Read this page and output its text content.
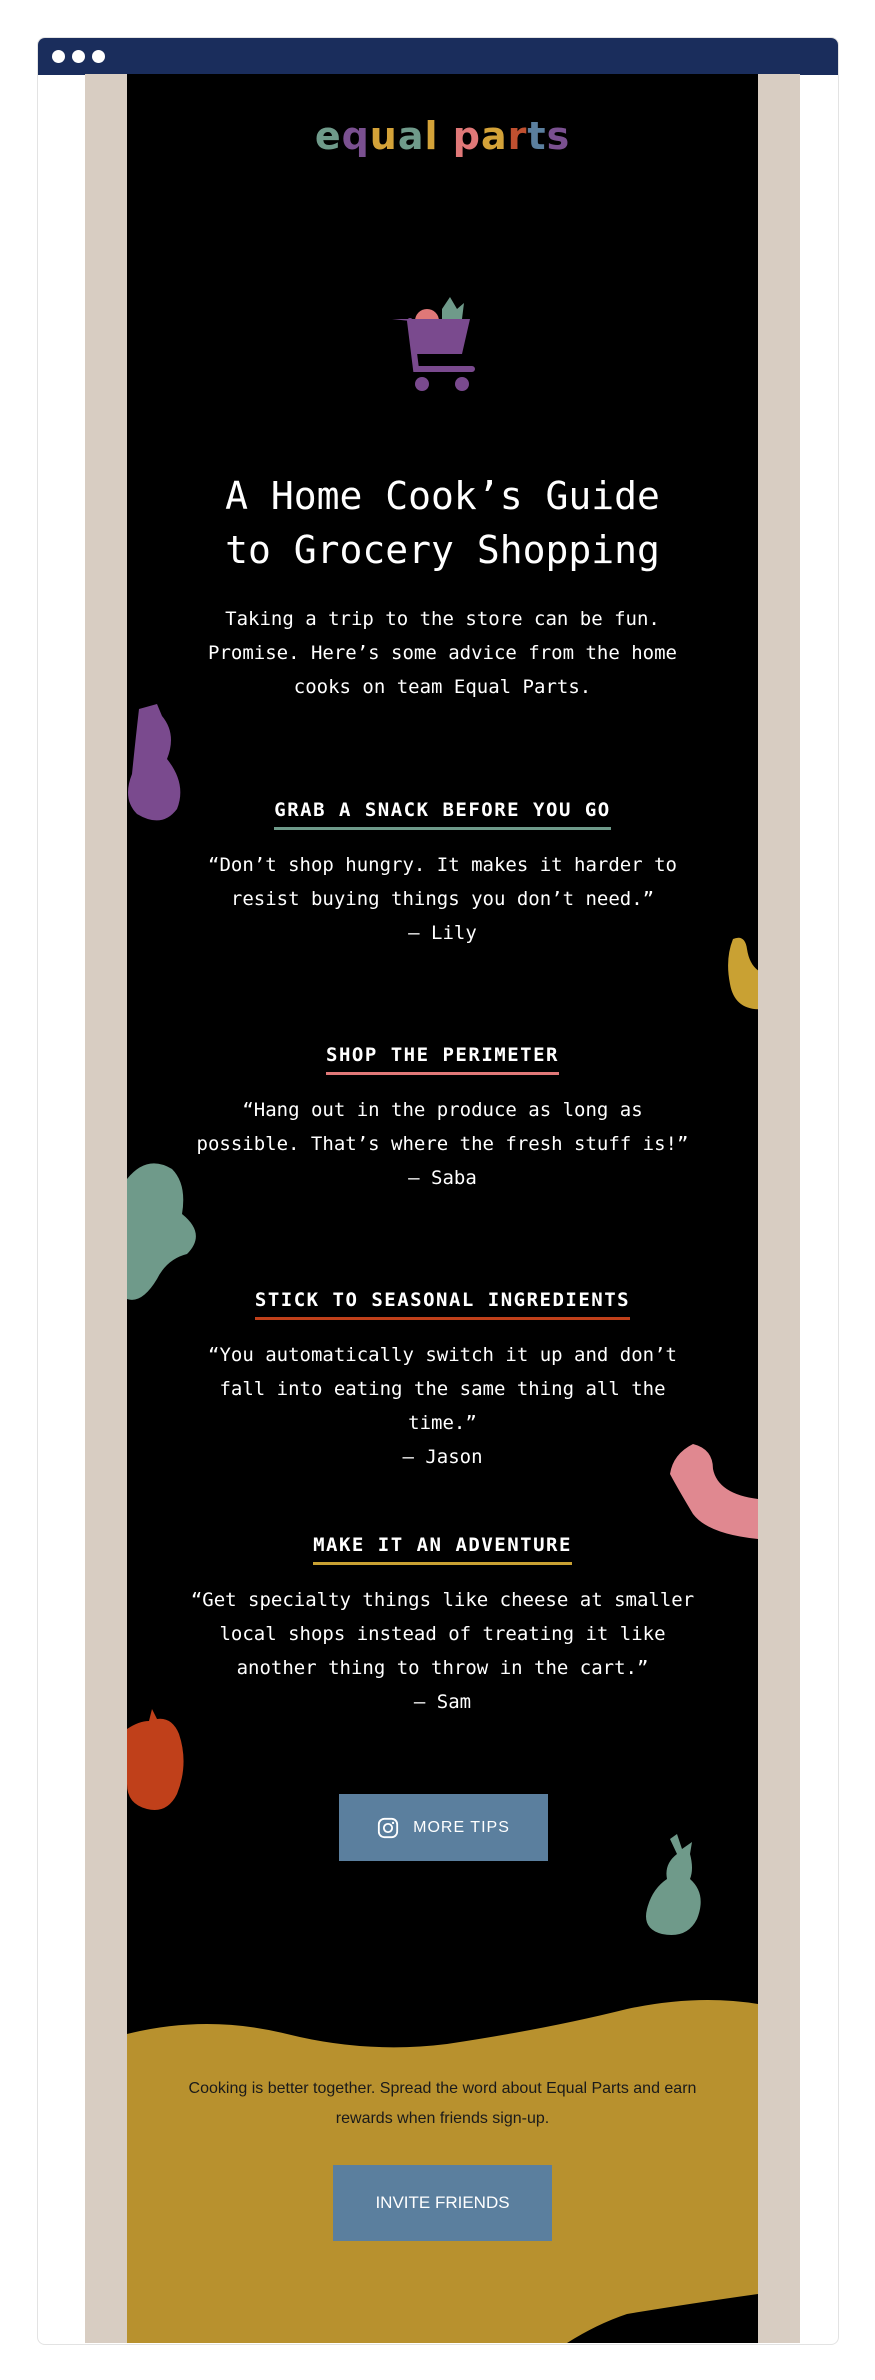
equal parts
A Home Cook’s Guide
to Grocery Shopping
Taking a trip to the store can be fun. Promise. Here’s some advice from the home cooks on team Equal Parts.
GRAB A SNACK BEFORE YOU GO
“Don’t shop hungry. It makes it harder to resist buying things you don’t need.”
– Lily
SHOP THE PERIMETER
“Hang out in the produce as long as possible. That’s where the fresh stuff is!”
– Saba
STICK TO SEASONAL INGREDIENTS
“You automatically switch it up and don’t fall into eating the same thing all the time.”
– Jason
MAKE IT AN ADVENTURE
“Get specialty things like cheese at smaller local shops instead of treating it like another thing to throw in the cart.”
– Sam
MORE TIPS
Cooking is better together. Spread the word about Equal Parts and earn rewards when friends sign-up.
INVITE FRIENDS
